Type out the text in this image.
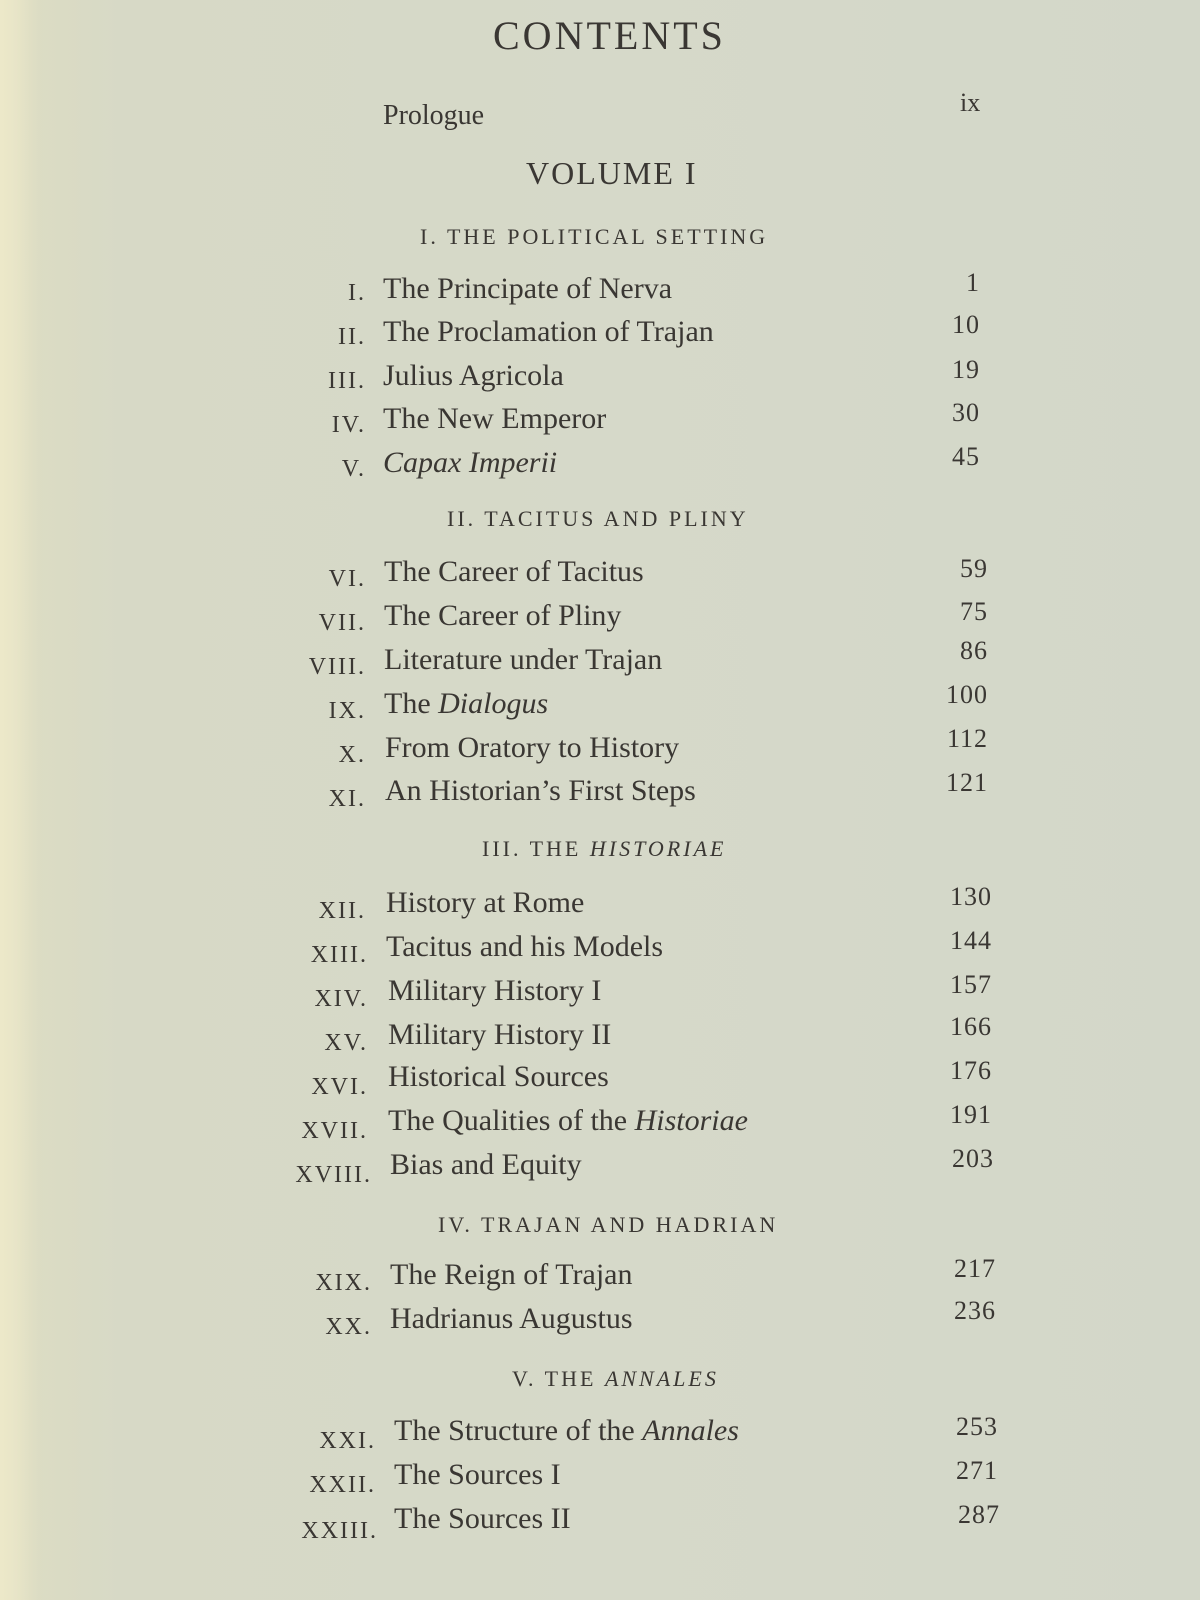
CONTENTS
Prologue	ix
VOLUME I
I. THE POLITICAL SETTING
I. The Principate of Nerva	1
II. The Proclamation of Trajan	10
III. Julius Agricola	19
IV. The New Emperor	30
V. Capax Imperii	45
II. TACITUS AND PLINY
VI. The Career of Tacitus	59
VII. The Career of Pliny	75
VIII. Literature under Trajan	86
IX. The Dialogus	100
X. From Oratory to History	112
XI. An Historian’s First Steps	121
III. THE HISTORIAE
XII. History at Rome	130
XIII. Tacitus and his Models	144
XIV. Military History I	157
XV. Military History II	166
XVI. Historical Sources	176
XVII. The Qualities of the Historiae	191
XVIII. Bias and Equity	203
IV. TRAJAN AND HADRIAN
XIX. The Reign of Trajan	217
XX. Hadrianus Augustus	236
V. THE ANNALES
XXI. The Structure of the Annales	253
XXII. The Sources I	271
XXIII. The Sources II	287
